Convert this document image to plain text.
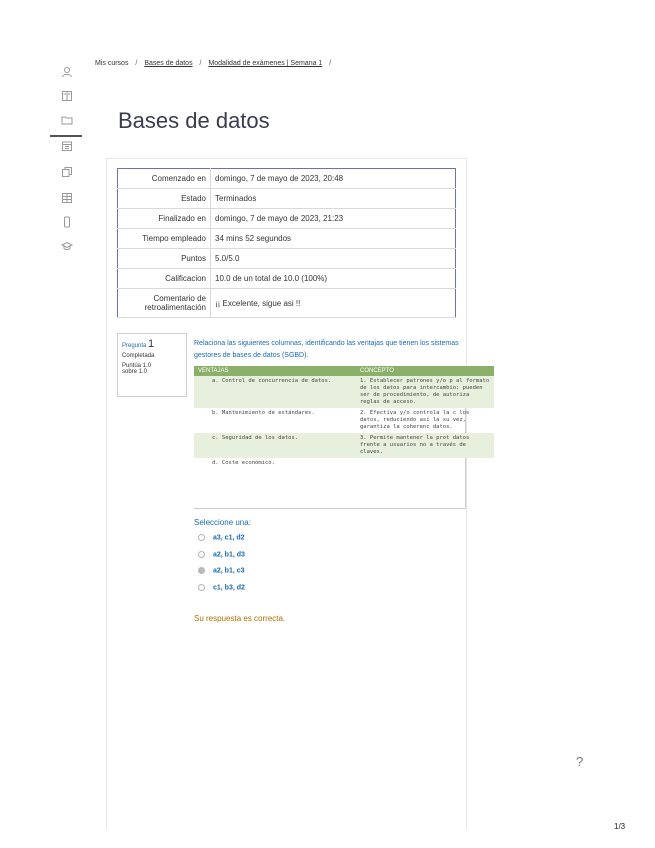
Mis cursos / Bases de datos / Modalidad de exámenes | Semana 1 /
Bases de datos
Comenzado en	domingo, 7 de mayo de 2023, 20:48
Estado	Terminados
Finalizado en	domingo, 7 de mayo de 2023, 21:23
Tiempo empleado	34 mins 52 segundos
Puntos	5.0/5.0
Calificacion	10.0 de un total de 10.0 (100%)
Comentario de retroalimentación	¡¡ Excelente, sigue asi !!
Pregunta 1
Completada
Puntúa 1.0 sobre 1.0
Relaciona las siguientes columnas, identificando las ventajas que tienen los sistemas gestores de bases de datos (SGBD).
VENTAJAS	CONCEPTO
a. Control de concurrencia de datos.	1. Establecer patrones y/o p al formato de los datos para intercambio; pueden ser de procedimiento, de autoriza reglas de acceso.
b. Mantenimiento de estándares.	2. Efectiva y/o controla la c los datos, reduciendo así la su vez, garantiza la coherenc datos.
c. Seguridad de los datos.	3. Permite mantener la prot datos frente a usuarios no a través de claves.
d. Coste económico.	
Seleccione una:
a3, c1, d2
a2, b1, d3
a2, b1, c3
c1, b3, d2
Su respuesta es correcta.
?
1/3
